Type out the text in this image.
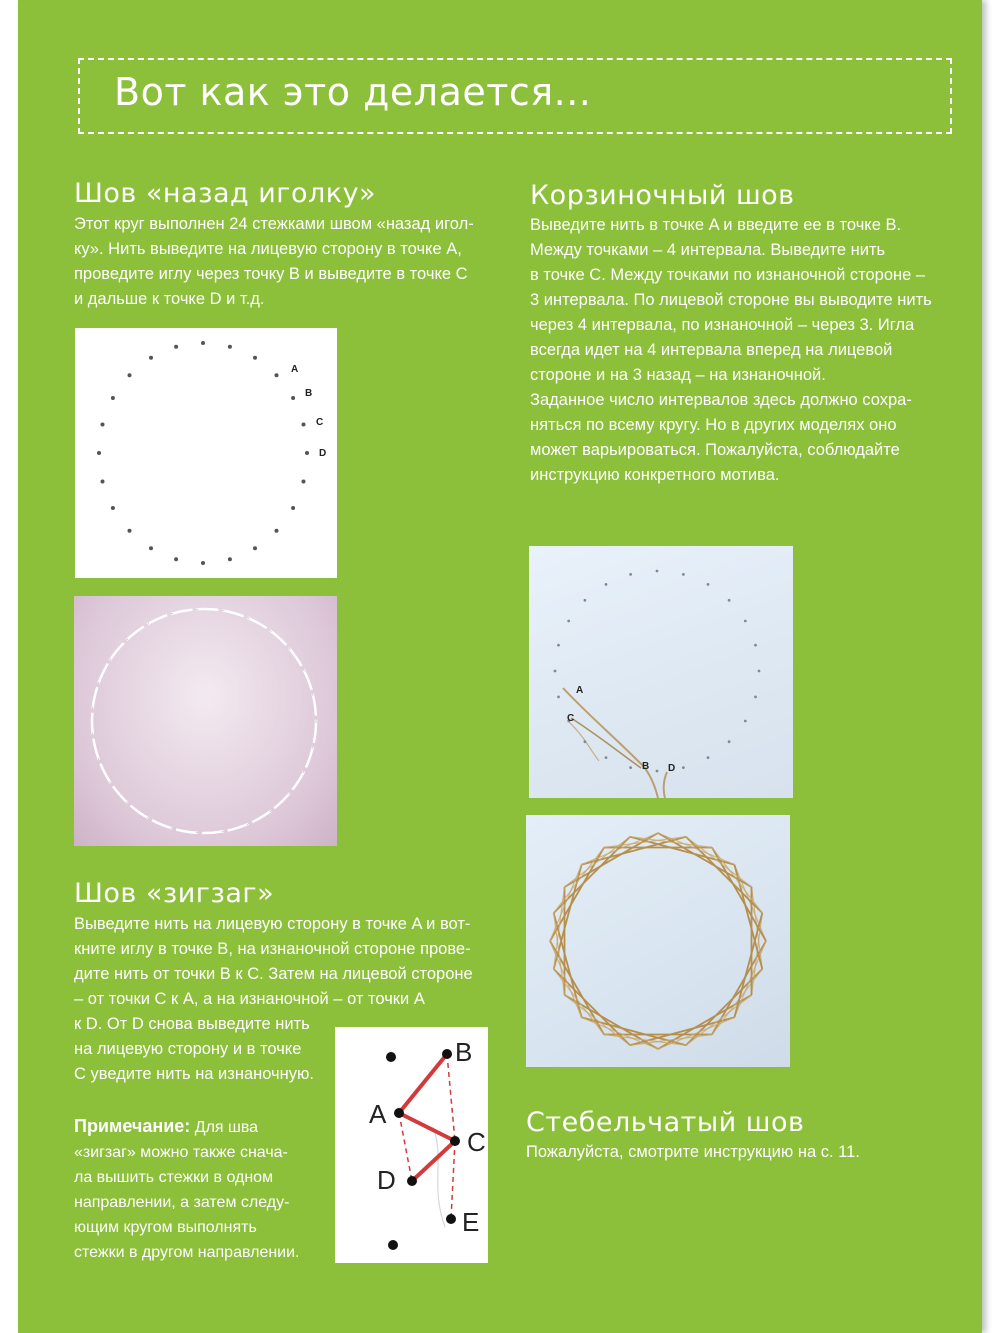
Вот как это делается...
Шов «назад иголку»
Этот круг выполнен 24 стежками швом «назад игол-
ку». Нить выведите на лицевую сторону в точке A,
проведите иглу через точку B и выведите в точке C
и дальше к точке D и т.д.
A
B
C
D
Корзиночный шов
Выведите нить в точке A и введите ее в точке B.
Между точками – 4 интервала. Выведите нить
в точке C. Между точками по изнаночной стороне –
3 интервала. По лицевой стороне вы выводите нить
через 4 интервала, по изнаночной – через 3. Игла
всегда идет на 4 интервала вперед на лицевой
стороне и на 3 назад – на изнаночной.
Заданное число интервалов здесь должно сохра-
няться по всему кругу. Но в других моделях оно
может варьироваться. Пожалуйста, соблюдайте
инструкцию конкретного мотива.
A
C
B D
Шов «зигзаг»
Выведите нить на лицевую сторону в точке A и вот-
кните иглу в точке B, на изнаночной стороне прове-
дите нить от точки B к C. Затем на лицевой стороне
– от точки C к A, а на изнаночной – от точки A
к D. От D снова выведите нить
на лицевую сторону и в точке
C уведите нить на изнаночную.
Примечание: Для шва
«зигзаг» можно также снача-
ла вышить стежки в одном
направлении, а затем следу-
ющим кругом выполнять
стежки в другом направлении.
B
A
C
D
E
Стебельчатый шов
Пожалуйста, смотрите инструкцию на с. 11.
